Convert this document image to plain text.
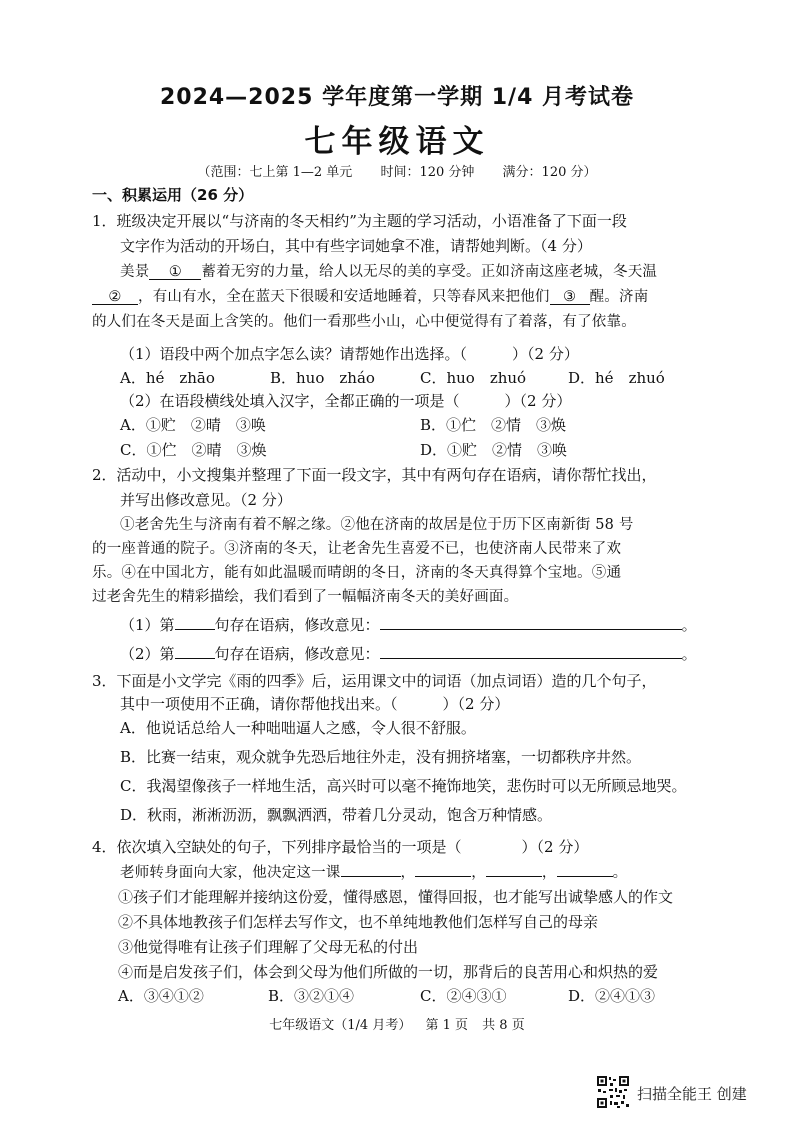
2024—2025 学年度第一学期 1/4 月考试卷
七年级语文
（范围：七上第 1—2 单元 时间：120 分钟 满分：120 分）
一、积累运用（26 分）
1．班级决定开展以“与济南的冬天相约”为主题的学习活动，小语准备了下面一段
文字作为活动的开场白，其中有些字词她拿不准，请帮她判断。（4 分）
美景 ① 蓄着无穷的力量，给人以无尽的美的享受。正如济南这座老城，冬天温
② ，有山有水，全在蓝天下很暖和安适地睡着，只等春风来把他们 ③ 醒。济南
的人们在冬天是面上含笑的。他们一看那些小山，心中便觉得有了着落，有了依靠。
（1）语段中两个加点字怎么读？请帮她作出选择。（　　　）（2 分）
A．hé　zhāo	B．huo　zháo	C．huo　zhuó	D．hé　zhuó
（2）在语段横线处填入汉字，全都正确的一项是（　　　）（2 分）
A．①贮　②晴　③唤	B．①伫　②情　③焕
C．①伫　②晴　③焕	D．①贮　②情　③唤
2．活动中，小文搜集并整理了下面一段文字，其中有两句存在语病，请你帮忙找出，
并写出修改意见。（2 分）
①老舍先生与济南有着不解之缘。②他在济南的故居是位于历下区南新街 58 号
的一座普通的院子。③济南的冬天，让老舍先生喜爱不已，也使济南人民带来了欢
乐。④在中国北方，能有如此温暖而晴朗的冬日，济南的冬天真得算个宝地。⑤通
过老舍先生的精彩描绘，我们看到了一幅幅济南冬天的美好画面。
（1）第	句存在语病，修改意见：	。
（2）第	句存在语病，修改意见：	。
3．下面是小文学完《雨的四季》后，运用课文中的词语（加点词语）造的几个句子，
其中一项使用不正确，请你帮他找出来。（　　　）（2 分）
A．他说话总给人一种咄咄逼人之感，令人很不舒服。
B．比赛一结束，观众就争先恐后地往外走，没有拥挤堵塞，一切都秩序井然。
C．我渴望像孩子一样地生活，高兴时可以毫不掩饰地笑，悲伤时可以无所顾忌地哭。
D．秋雨，淅淅沥沥，飘飘洒洒，带着几分灵动，饱含万种情感。
4．依次填入空缺处的句子，下列排序最恰当的一项是（　　　　）（2 分）
老师转身面向大家，他决定这一课	，	，	，	。
①孩子们才能理解并接纳这份爱，懂得感恩，懂得回报，也才能写出诚挚感人的作文
②不具体地教孩子们怎样去写作文，也不单纯地教他们怎样写自己的母亲
③他觉得唯有让孩子们理解了父母无私的付出
④而是启发孩子们，体会到父母为他们所做的一切，那背后的良苦用心和炽热的爱
A．③④①②	B．③②①④	C．②④③①	D．②④①③
七年级语文（1/4 月考） 第 1 页 共 8 页
扫描全能王 创建
